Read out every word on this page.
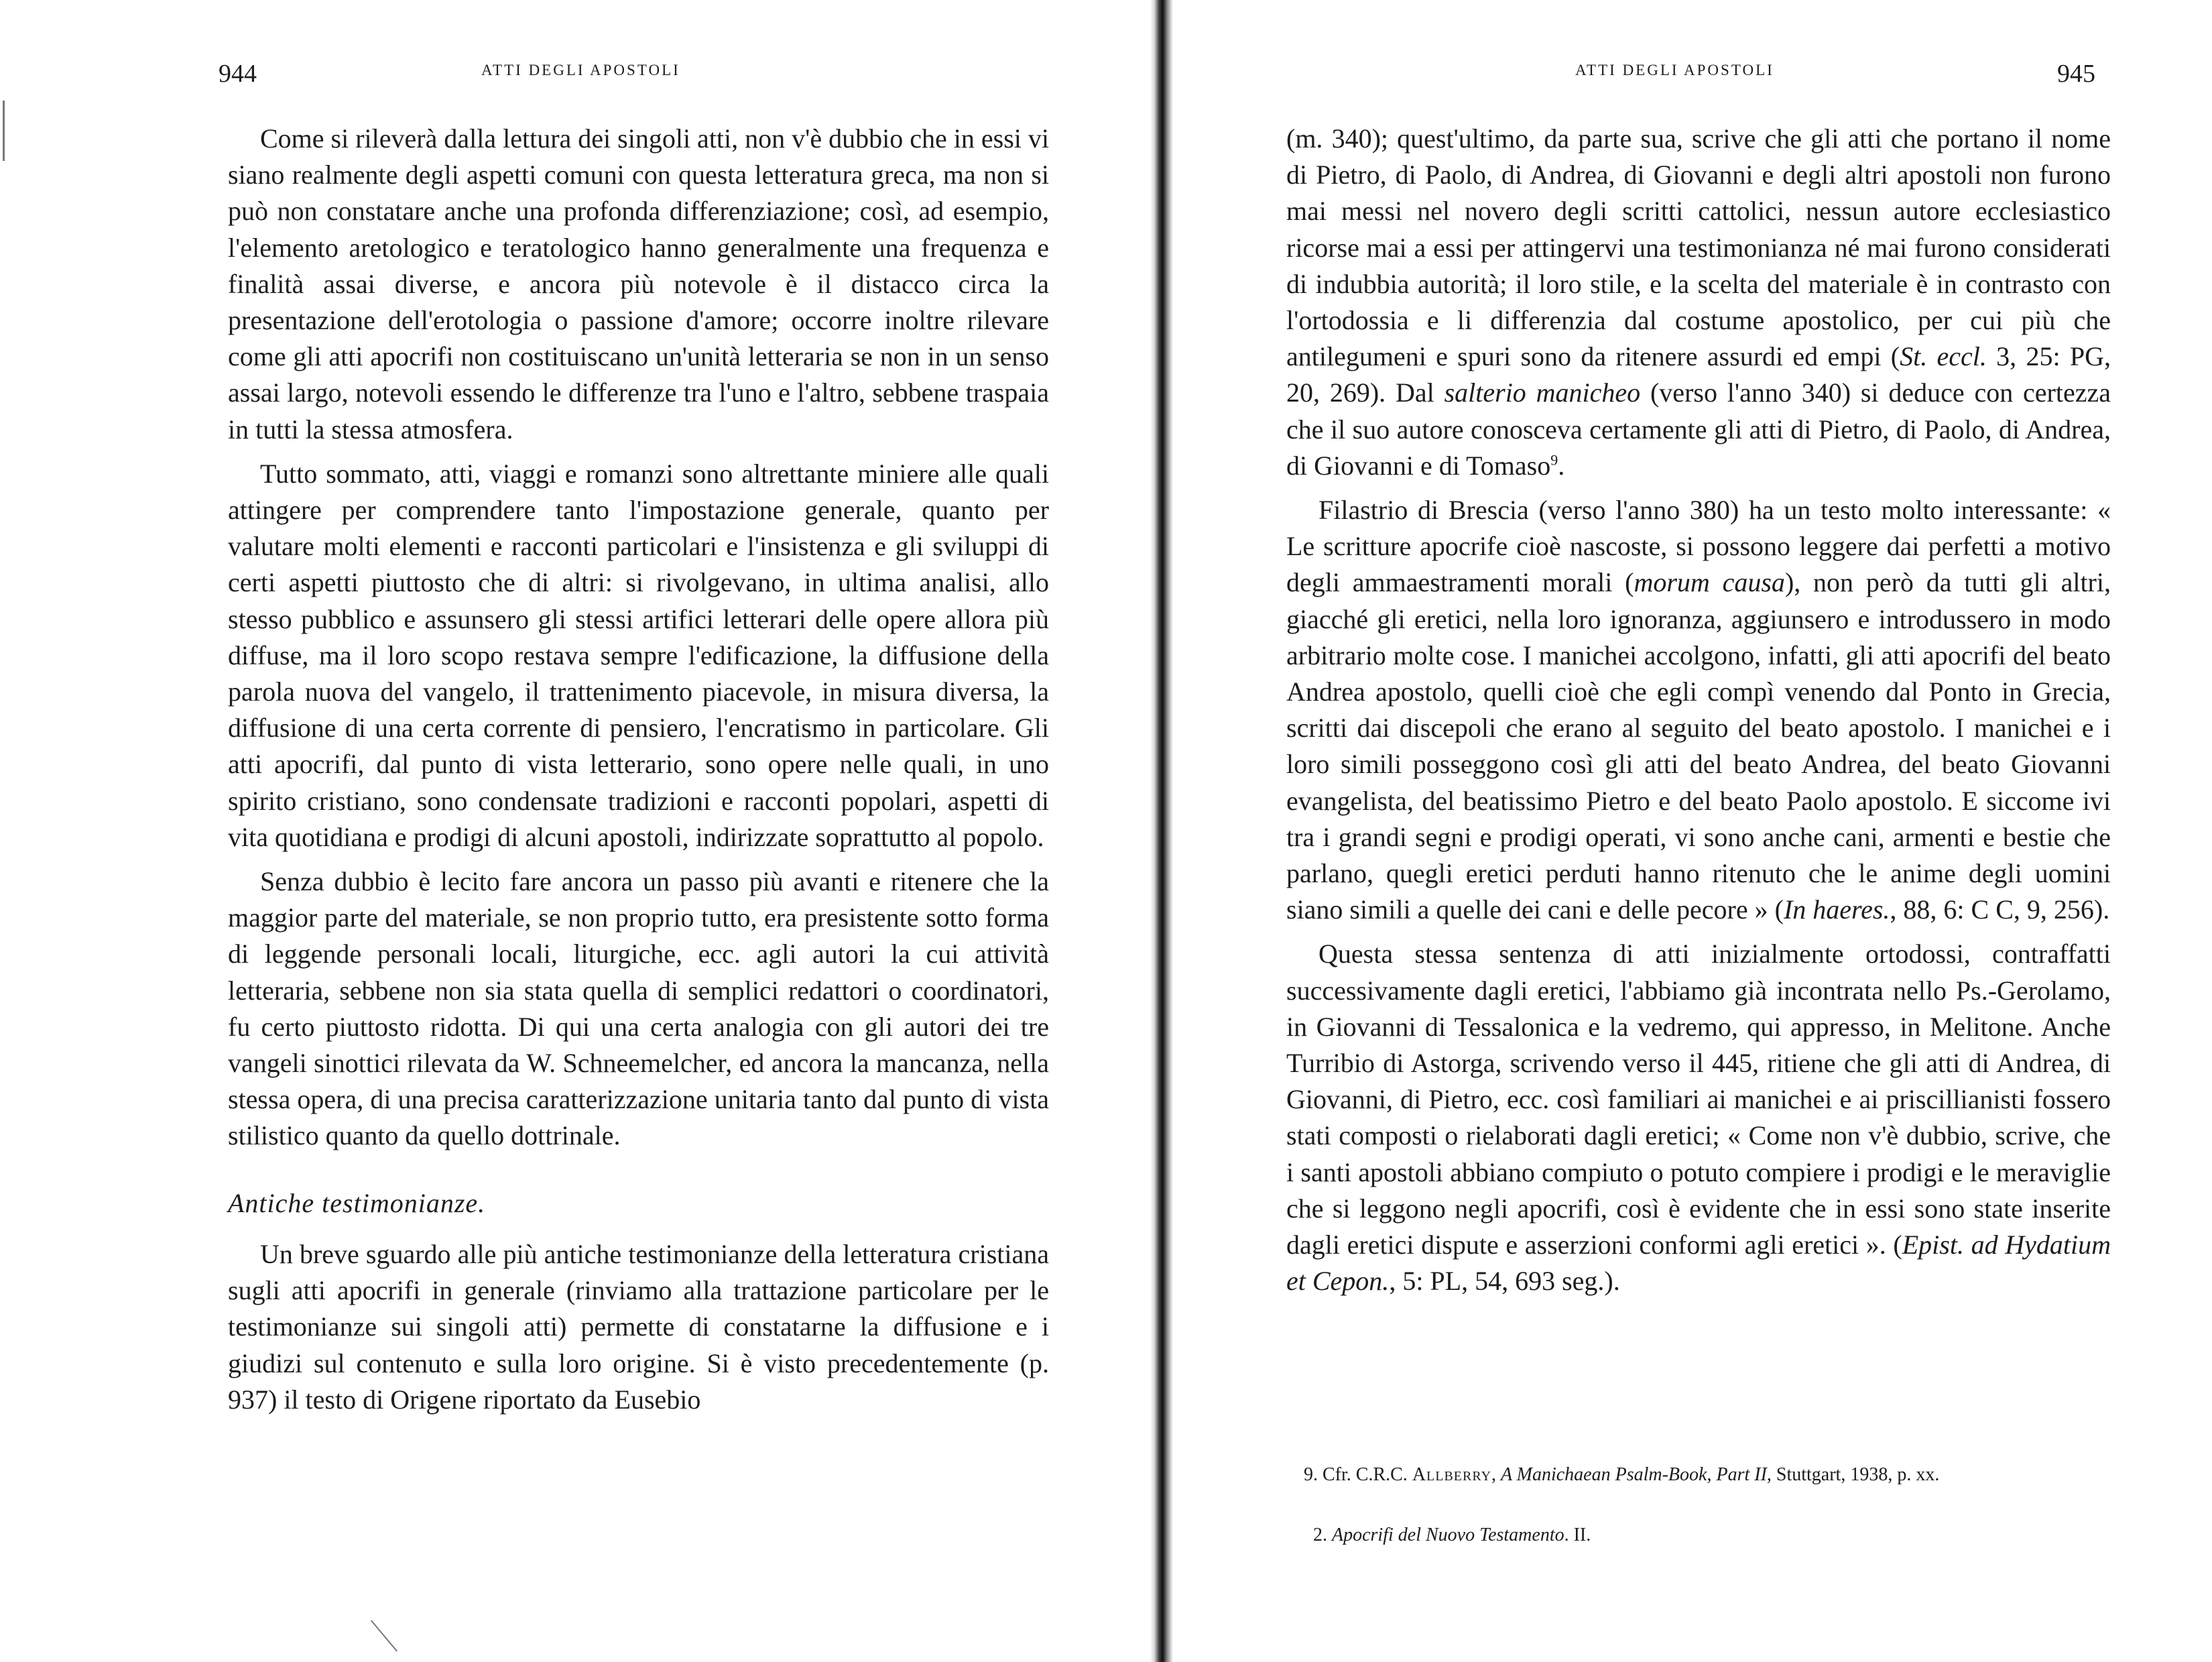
944	ATTI DEGLI APOSTOLI

Come si rileverà dalla lettura dei singoli atti, non v'è dubbio che in essi vi siano realmente degli aspetti comuni con questa letteratura greca, ma non si può non constatare anche una profonda differenziazione; così, ad esempio, l'elemento aretologico e teratologico hanno generalmente una frequenza e finalità assai diverse, e ancora più notevole è il distacco circa la presentazione dell'erotologia o passione d'amore; occorre inoltre rilevare come gli atti apocrifi non costituiscano un'unità letteraria se non in un senso assai largo, notevoli essendo le differenze tra l'uno e l'altro, sebbene traspaia in tutti la stessa atmosfera.

Tutto sommato, atti, viaggi e romanzi sono altrettante miniere alle quali attingere per comprendere tanto l'impostazione generale, quanto per valutare molti elementi e racconti particolari e l'insistenza e gli sviluppi di certi aspetti piuttosto che di altri: si rivolgevano, in ultima analisi, allo stesso pubblico e assunsero gli stessi artifici letterari delle opere allora più diffuse, ma il loro scopo restava sempre l'edificazione, la diffusione della parola nuova del vangelo, il trattenimento piacevole, in misura diversa, la diffusione di una certa corrente di pensiero, l'encratismo in particolare. Gli atti apocrifi, dal punto di vista letterario, sono opere nelle quali, in uno spirito cristiano, sono condensate tradizioni e racconti popolari, aspetti di vita quotidiana e prodigi di alcuni apostoli, indirizzate soprattutto al popolo.

Senza dubbio è lecito fare ancora un passo più avanti e ritenere che la maggior parte del materiale, se non proprio tutto, era presistente sotto forma di leggende personali locali, liturgiche, ecc. agli autori la cui attività letteraria, sebbene non sia stata quella di semplici redattori o coordinatori, fu certo piuttosto ridotta. Di qui una certa analogia con gli autori dei tre vangeli sinottici rilevata da W. Schneemelcher, ed ancora la mancanza, nella stessa opera, di una precisa caratterizzazione unitaria tanto dal punto di vista stilistico quanto da quello dottrinale.

Antiche testimonianze.

Un breve sguardo alle più antiche testimonianze della letteratura cristiana sugli atti apocrifi in generale (rinviamo alla trattazione particolare per le testimonianze sui singoli atti) permette di constatarne la diffusione e i giudizi sul contenuto e sulla loro origine. Si è visto precedentemente (p. 937) il testo di Origene riportato da Eusebio

ATTI DEGLI APOSTOLI	945

(m. 340); quest'ultimo, da parte sua, scrive che gli atti che portano il nome di Pietro, di Paolo, di Andrea, di Giovanni e degli altri apostoli non furono mai messi nel novero degli scritti cattolici, nessun autore ecclesiastico ricorse mai a essi per attingervi una testimonianza né mai furono considerati di indubbia autorità; il loro stile, e la scelta del materiale è in contrasto con l'ortodossia e li differenzia dal costume apostolico, per cui più che antilegumeni e spuri sono da ritenere assurdi ed empi (St. eccl. 3, 25: PG, 20, 269). Dal salterio manicheo (verso l'anno 340) si deduce con certezza che il suo autore conosceva certamente gli atti di Pietro, di Paolo, di Andrea, di Giovanni e di Tomaso$^9$.

Filastrio di Brescia (verso l'anno 380) ha un testo molto interessante: « Le scritture apocrife cioè nascoste, si possono leggere dai perfetti a motivo degli ammaestramenti morali (morum causa), non però da tutti gli altri, giacché gli eretici, nella loro ignoranza, aggiunsero e introdussero in modo arbitrario molte cose. I manichei accolgono, infatti, gli atti apocrifi del beato Andrea apostolo, quelli cioè che egli compì venendo dal Ponto in Grecia, scritti dai discepoli che erano al seguito del beato apostolo. I manichei e i loro simili posseggono così gli atti del beato Andrea, del beato Giovanni evangelista, del beatissimo Pietro e del beato Paolo apostolo. E siccome ivi tra i grandi segni e prodigi operati, vi sono anche cani, armenti e bestie che parlano, quegli eretici perduti hanno ritenuto che le anime degli uomini siano simili a quelle dei cani e delle pecore » (In haeres., 88, 6: C C, 9, 256).

Questa stessa sentenza di atti inizialmente ortodossi, contraffatti successivamente dagli eretici, l'abbiamo già incontrata nello Ps.-Gerolamo, in Giovanni di Tessalonica e la vedremo, qui appresso, in Melitone. Anche Turribio di Astorga, scrivendo verso il 445, ritiene che gli atti di Andrea, di Giovanni, di Pietro, ecc. così familiari ai manichei e ai priscillianisti fossero stati composti o rielaborati dagli eretici; « Come non v'è dubbio, scrive, che i santi apostoli abbiano compiuto o potuto compiere i prodigi e le meraviglie che si leggono negli apocrifi, così è evidente che in essi sono state inserite dagli eretici dispute e asserzioni conformi agli eretici ». (Epist. ad Hydatium et Cepon., 5: PL, 54, 693 seg.).

9. Cfr. C.R.C. Allberry, A Manichaean Psalm-Book, Part II, Stuttgart, 1938, p. xx.
2. Apocrifi del Nuovo Testamento. II.
